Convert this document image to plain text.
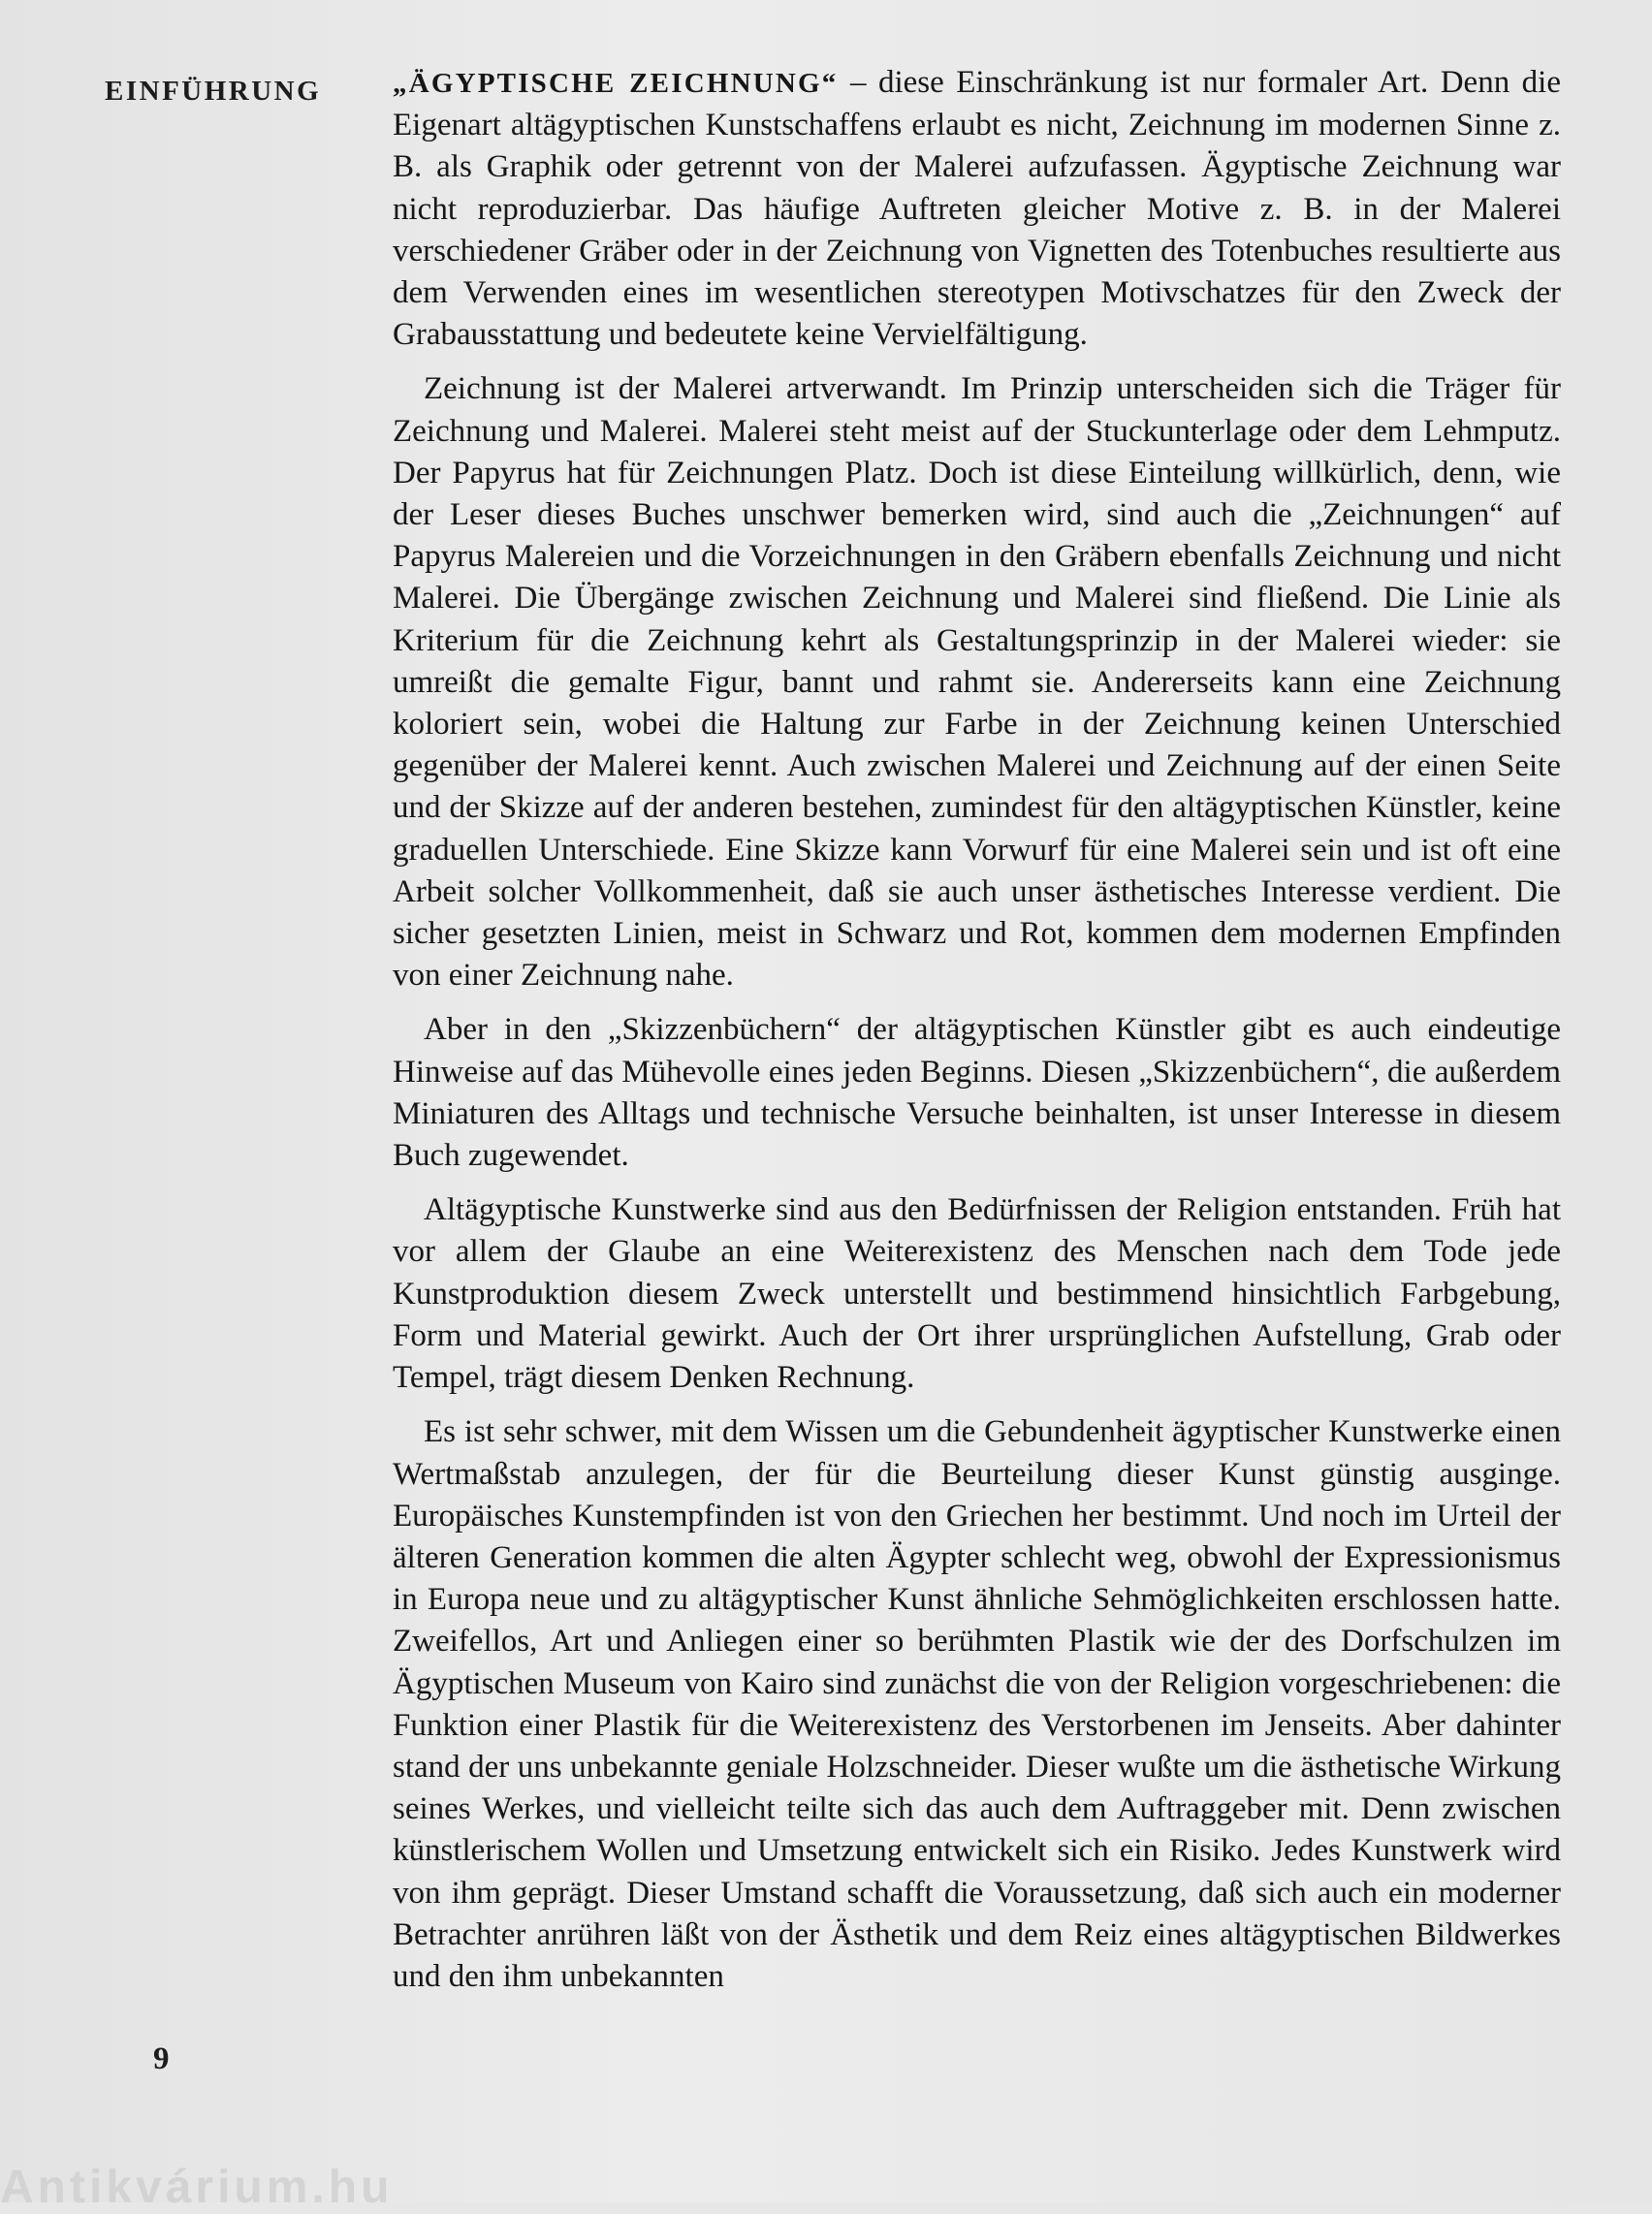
EINFÜHRUNG	„ÄGYPTISCHE ZEICHNUNG“ – diese Einschränkung ist nur formaler Art. Denn die Eigenart altägyptischen Kunstschaffens erlaubt es nicht, Zeichnung im modernen Sinne z. B. als Graphik oder getrennt von der Malerei aufzufassen. Ägyptische Zeichnung war nicht reproduzierbar. Das häufige Auftreten gleicher Motive z. B. in der Malerei verschiedener Gräber oder in der Zeichnung von Vignetten des Totenbuches resultierte aus dem Verwenden eines im wesentlichen stereotypen Motivschatzes für den Zweck der Grabausstattung und bedeutete keine Vervielfältigung.

Zeichnung ist der Malerei artverwandt. Im Prinzip unterscheiden sich die Träger für Zeichnung und Malerei. Malerei steht meist auf der Stuckunterlage oder dem Lehmputz. Der Papyrus hat für Zeichnungen Platz. Doch ist diese Einteilung willkürlich, denn, wie der Leser dieses Buches unschwer bemerken wird, sind auch die „Zeichnungen“ auf Papyrus Malereien und die Vorzeichnungen in den Gräbern ebenfalls Zeichnung und nicht Malerei. Die Übergänge zwischen Zeichnung und Malerei sind fließend. Die Linie als Kriterium für die Zeichnung kehrt als Gestaltungsprinzip in der Malerei wieder: sie umreißt die gemalte Figur, bannt und rahmt sie. Andererseits kann eine Zeichnung koloriert sein, wobei die Haltung zur Farbe in der Zeichnung keinen Unterschied gegenüber der Malerei kennt. Auch zwischen Malerei und Zeichnung auf der einen Seite und der Skizze auf der anderen bestehen, zumindest für den altägyptischen Künstler, keine graduellen Unterschiede. Eine Skizze kann Vorwurf für eine Malerei sein und ist oft eine Arbeit solcher Vollkommenheit, daß sie auch unser ästhetisches Interesse verdient. Die sicher gesetzten Linien, meist in Schwarz und Rot, kommen dem modernen Empfinden von einer Zeichnung nahe.

Aber in den „Skizzenbüchern“ der altägyptischen Künstler gibt es auch eindeutige Hinweise auf das Mühevolle eines jeden Beginns. Diesen „Skizzenbüchern“, die außerdem Miniaturen des Alltags und technische Versuche beinhalten, ist unser Interesse in diesem Buch zugewendet.

Altägyptische Kunstwerke sind aus den Bedürfnissen der Religion entstanden. Früh hat vor allem der Glaube an eine Weiterexistenz des Menschen nach dem Tode jede Kunstproduktion diesem Zweck unterstellt und bestimmend hinsichtlich Farbgebung, Form und Material gewirkt. Auch der Ort ihrer ursprünglichen Aufstellung, Grab oder Tempel, trägt diesem Denken Rechnung.

Es ist sehr schwer, mit dem Wissen um die Gebundenheit ägyptischer Kunstwerke einen Wertmaßstab anzulegen, der für die Beurteilung dieser Kunst günstig ausginge. Europäisches Kunstempfinden ist von den Griechen her bestimmt. Und noch im Urteil der älteren Generation kommen die alten Ägypter schlecht weg, obwohl der Expressionismus in Europa neue und zu altägyptischer Kunst ähnliche Sehmöglichkeiten erschlossen hatte. Zweifellos, Art und Anliegen einer so berühmten Plastik wie der des Dorfschulzen im Ägyptischen Museum von Kairo sind zunächst die von der Religion vorgeschriebenen: die Funktion einer Plastik für die Weiterexistenz des Verstorbenen im Jenseits. Aber dahinter stand der uns unbekannte geniale Holzschneider. Dieser wußte um die ästhetische Wirkung seines Werkes, und vielleicht teilte sich das auch dem Auftraggeber mit. Denn zwischen künstlerischem Wollen und Umsetzung entwickelt sich ein Risiko. Jedes Kunstwerk wird von ihm geprägt. Dieser Umstand schafft die Voraussetzung, daß sich auch ein moderner Betrachter anrühren läßt von der Ästhetik und dem Reiz eines altägyptischen Bildwerkes und den ihm unbekannten

9
Antikvárium.hu
